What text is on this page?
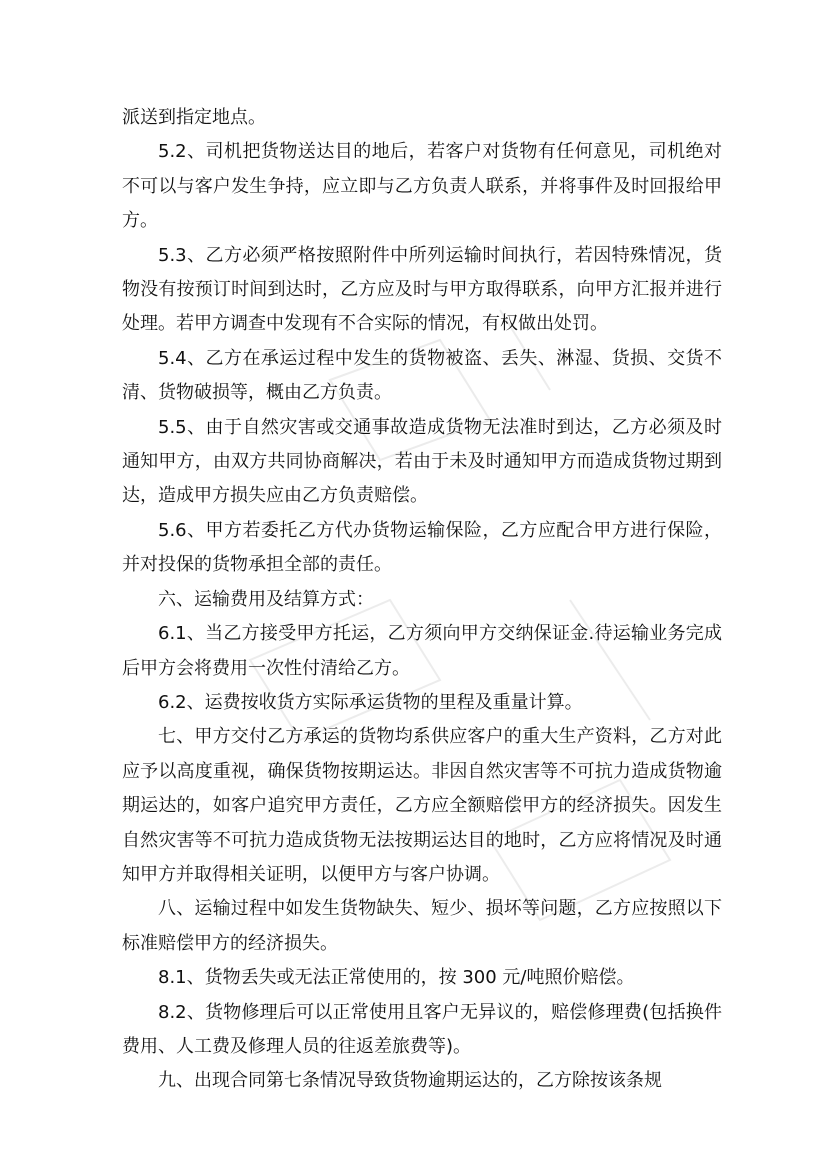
派送到指定地点。

5.2、司机把货物送达目的地后，若客户对货物有任何意见，司机绝对不可以与客户发生争持，应立即与乙方负责人联系，并将事件及时回报给甲方。

5.3、乙方必须严格按照附件中所列运输时间执行，若因特殊情况，货物没有按预订时间到达时，乙方应及时与甲方取得联系，向甲方汇报并进行处理。若甲方调查中发现有不合实际的情况，有权做出处罚。

5.4、乙方在承运过程中发生的货物被盗、丢失、淋湿、货损、交货不清、货物破损等，概由乙方负责。

5.5、由于自然灾害或交通事故造成货物无法准时到达，乙方必须及时通知甲方，由双方共同协商解决，若由于未及时通知甲方而造成货物过期到达，造成甲方损失应由乙方负责赔偿。

5.6、甲方若委托乙方代办货物运输保险，乙方应配合甲方进行保险，并对投保的货物承担全部的责任。

六、运输费用及结算方式：

6.1、当乙方接受甲方托运，乙方须向甲方交纳保证金.待运输业务完成后甲方会将费用一次性付清给乙方。

6.2、运费按收货方实际承运货物的里程及重量计算。

七、甲方交付乙方承运的货物均系供应客户的重大生产资料，乙方对此应予以高度重视，确保货物按期运达。非因自然灾害等不可抗力造成货物逾期运达的，如客户追究甲方责任，乙方应全额赔偿甲方的经济损失。因发生自然灾害等不可抗力造成货物无法按期运达目的地时，乙方应将情况及时通知甲方并取得相关证明，以便甲方与客户协调。

八、运输过程中如发生货物缺失、短少、损坏等问题，乙方应按照以下标准赔偿甲方的经济损失。

8.1、货物丢失或无法正常使用的，按 300 元/吨照价赔偿。

8.2、货物修理后可以正常使用且客户无异议的，赔偿修理费(包括换件费用、人工费及修理人员的往返差旅费等)。

九、出现合同第七条情况导致货物逾期运达的，乙方除按该条规
